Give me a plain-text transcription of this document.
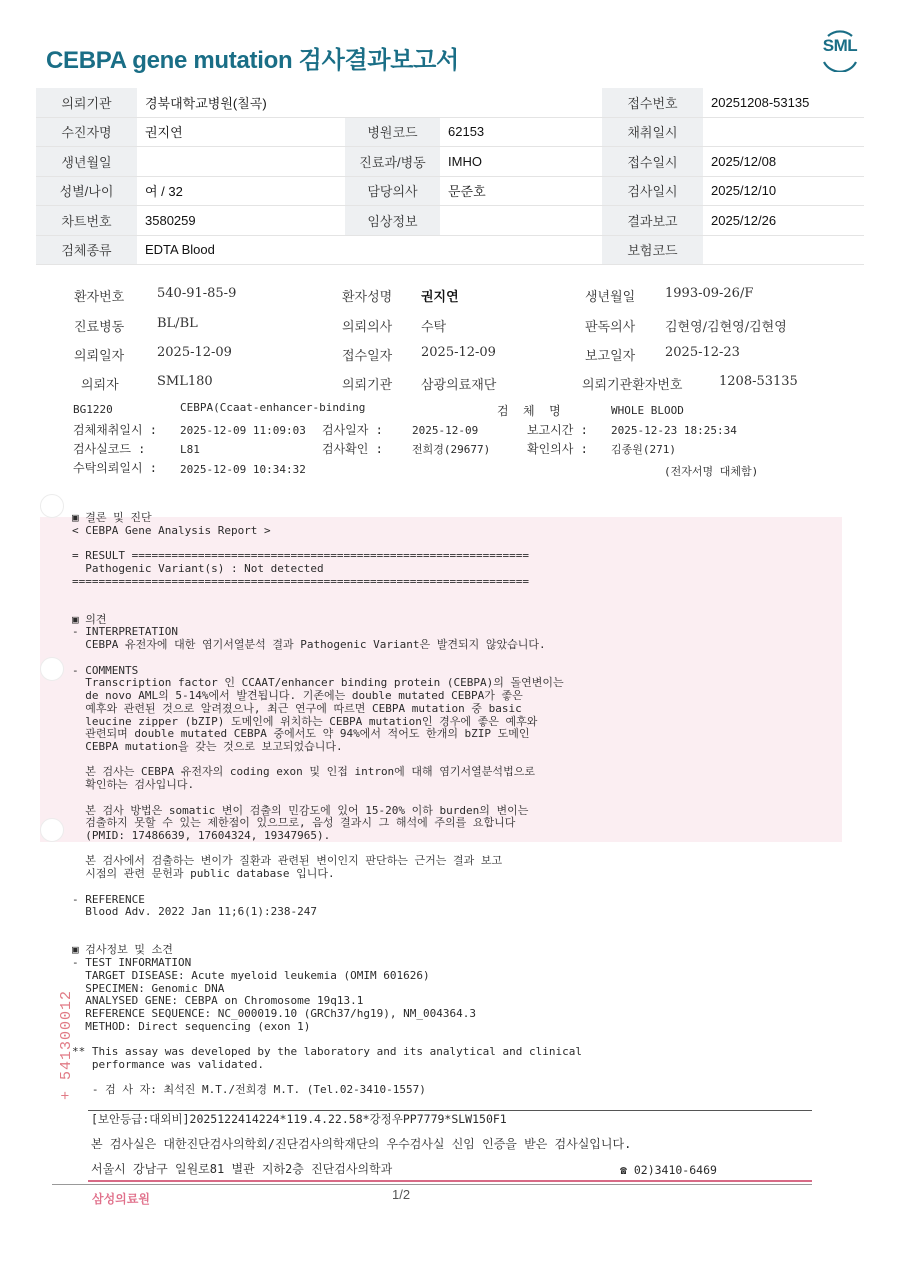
CEBPA gene mutation 검사결과보고서
SML
의뢰기관	경북대학교병원(칠곡)			접수번호	20251208-53135
수진자명	권지연	병원코드	62153	채취일시	
생년월일		진료과/병동	IMHO	접수일시	2025/12/08
성별/나이	여 / 32	담당의사	문준호	검사일시	2025/12/10
차트번호	3580259	임상정보		결과보고	2025/12/26
검체종류	EDTA Blood			보험코드	
환자번호	540-91-85-9	환자성명 권지연	생년월일 1993-09-26/F
진료병동	BL/BL	의뢰의사 수탁	판독의사 김현영/김현영/김현영
의뢰일자	2025-12-09	접수일자 2025-12-09	보고일자 2025-12-23
의뢰자	SML180	의뢰기관 삼광의료재단	의뢰기관환자번호	1208-53135
BG1220	CEBPA(Ccaat-enhancer-binding	검  체  명	WHOLE BLOOD
검체채취일시 : 2025-12-09 11:09:03 검사일자 :	2025-12-09	보고시간 : 2025-12-23 18:25:34
검사실코드 :	L81	검사확인 :	전희경(29677)	확인의사 : 김종원(271)
수탁의뢰일시 : 2025-12-09 10:34:32	(전자서명 대체함)
+ 541300012
▣ 결론 및 진단
< CEBPA Gene Analysis Report >
= RESULT ============================================================
Pathogenic Variant(s) : Not detected
=====================================================================
▣ 의견
- INTERPRETATION
CEBPA 유전자에 대한 염기서열분석 결과 Pathogenic Variant은 발견되지 않았습니다.
- COMMENTS
Transcription factor 인 CCAAT/enhancer binding protein (CEBPA)의 돌연변이는
de novo AML의 5-14%에서 발견됩니다. 기존에는 double mutated CEBPA가 좋은
예후와 관련된 것으로 알려졌으나, 최근 연구에 따르면 CEBPA mutation 중 basic
leucine zipper (bZIP) 도메인에 위치하는 CEBPA mutation인 경우에 좋은 예후와
관련되며 double mutated CEBPA 중에서도 약 94%에서 적어도 한개의 bZIP 도메인
CEBPA mutation을 갖는 것으로 보고되었습니다.
본 검사는 CEBPA 유전자의 coding exon 및 인접 intron에 대해 염기서열분석법으로
확인하는 검사입니다.
본 검사 방법은 somatic 변이 검출의 민감도에 있어 15-20% 이하 burden의 변이는
검출하지 못할 수 있는 제한점이 있으므로, 음성 결과시 그 해석에 주의를 요합니다
(PMID: 17486639, 17604324, 19347965).
본 검사에서 검출하는 변이가 질환과 관련된 변이인지 판단하는 근거는 결과 보고
시점의 관련 문헌과 public database 입니다.
- REFERENCE
Blood Adv. 2022 Jan 11;6(1):238-247
▣ 검사정보 및 소견
- TEST INFORMATION
TARGET DISEASE: Acute myeloid leukemia (OMIM 601626)
SPECIMEN: Genomic DNA
ANALYSED GENE: CEBPA on Chromosome 19q13.1
REFERENCE SEQUENCE: NC_000019.10 (GRCh37/hg19), NM_004364.3
METHOD: Direct sequencing (exon 1)
** This assay was developed by the laboratory and its analytical and clinical
performance was validated.
- 검 사 자: 최석진 M.T./전희경 M.T. (Tel.02-3410-1557)
[보안등급:대외비]2025122414224*119.4.22.58*강정우PP7779*SLW150F1
본 검사실은 대한진단검사의학회/진단검사의학재단의 우수검사실 신임 인증을 받은 검사실입니다.
서울시 강남구 일원로81 별관 지하2층 진단검사의학과	☎ 02)3410-6469
삼성의료원	1/2
